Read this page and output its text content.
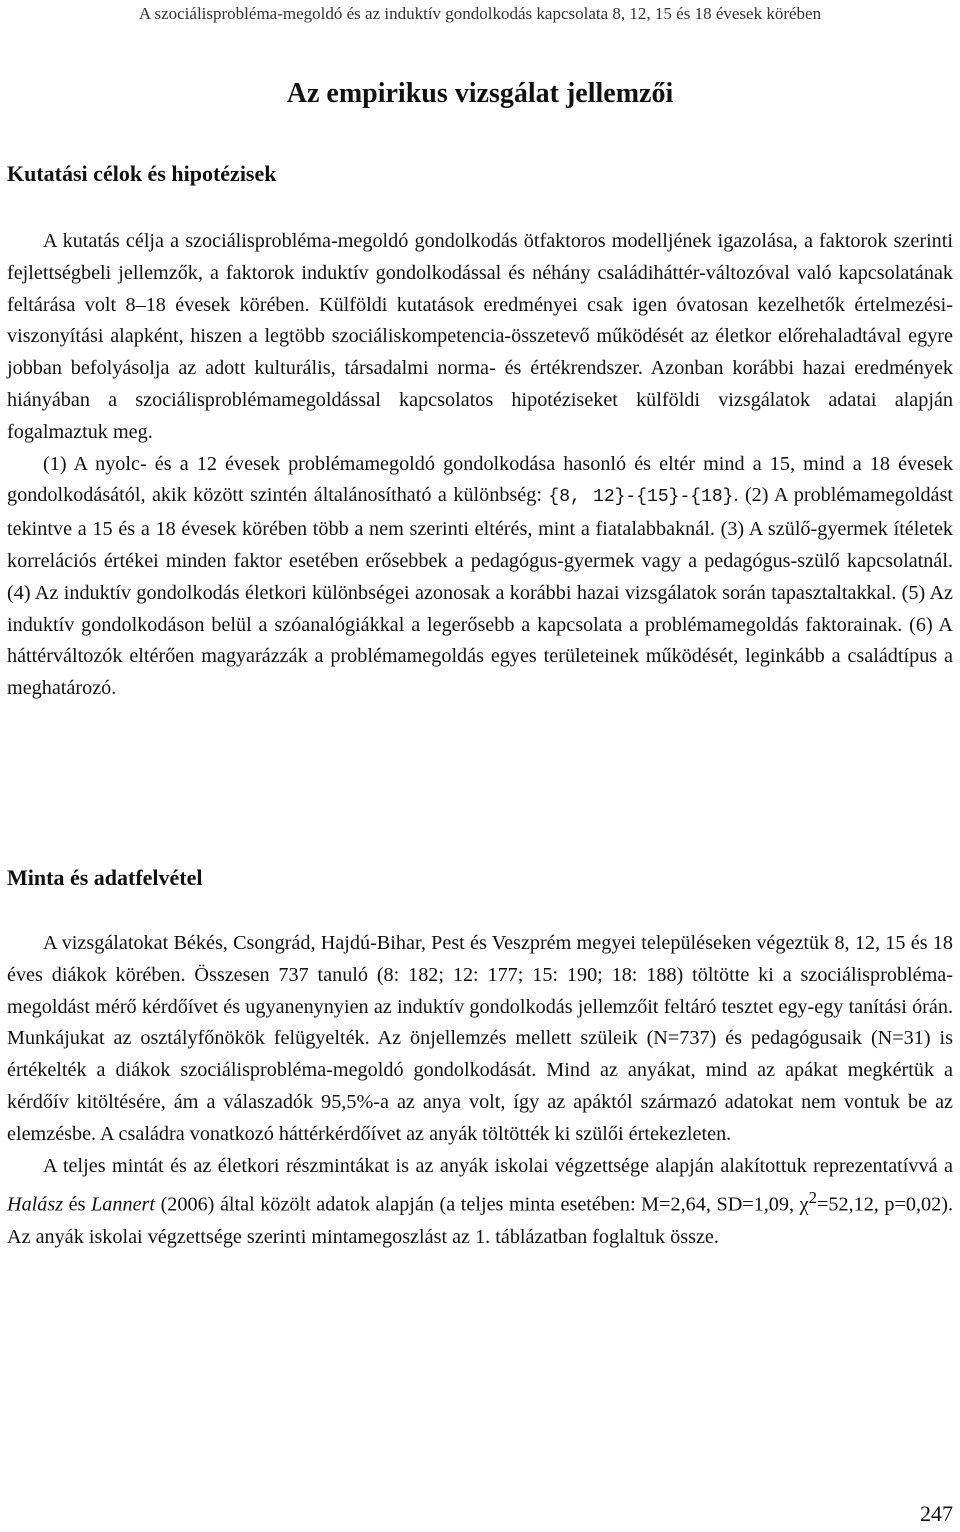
A szociálisprobléma-megoldó és az induktív gondolkodás kapcsolata 8, 12, 15 és 18 évesek körében
Az empirikus vizsgálat jellemzői
Kutatási célok és hipotézisek

A kutatás célja a szociálisprobléma-megoldó gondolkodás ötfaktoros modelljének igazolása, a faktorok szerinti fejlettségbeli jellemzők, a faktorok induktív gondolkodással és néhány családiháttér-változóval való kapcsolatának feltárása volt 8–18 évesek körében. Külföldi kutatások eredményei csak igen óvatosan kezelhetők értelmezési-viszonyítási alapként, hiszen a legtöbb szociáliskompetencia-összetevő működését az életkor előrehaladtával egyre jobban befolyásolja az adott kulturális, társadalmi norma- és értékrendszer. Azonban korábbi hazai eredmények hiányában a szociálisproblémamegoldással kapcsolatos hipotéziseket külföldi vizsgálatok adatai alapján fogalmaztuk meg.

(1) A nyolc- és a 12 évesek problémamegoldó gondolkodása hasonló és eltér mind a 15, mind a 18 évesek gondolkodásától, akik között szintén általánosítható a különbség: {8, 12}-{15}-{18}. (2) A problémamegoldást tekintve a 15 és a 18 évesek körében több a nem szerinti eltérés, mint a fiatalabbaknál. (3) A szülő-gyermek ítéletek korrelációs értékei minden faktor esetében erősebbek a pedagógus-gyermek vagy a pedagógus-szülő kapcsolatnál. (4) Az induktív gondolkodás életkori különbségei azonosak a korábbi hazai vizsgálatok során tapasztaltakkal. (5) Az induktív gondolkodáson belül a szóanalógiákkal a legerősebb a kapcsolata a problémamegoldás faktorainak. (6) A háttérváltozók eltérően magyarázzák a problémamegoldás egyes területeinek működését, leginkább a családtípus a meghatározó.

Minta és adatfelvétel

A vizsgálatokat Békés, Csongrád, Hajdú-Bihar, Pest és Veszprém megyei településeken végeztük 8, 12, 15 és 18 éves diákok körében. Összesen 737 tanuló (8: 182; 12: 177; 15: 190; 18: 188) töltötte ki a szociálisprobléma-megoldást mérő kérdőívet és ugyanenynyien az induktív gondolkodás jellemzőit feltáró tesztet egy-egy tanítási órán. Munkájukat az osztályfőnökök felügyelték. Az önjellemzés mellett szüleik (N=737) és pedagógusaik (N=31) is értékelték a diákok szociálisprobléma-megoldó gondolkodását. Mind az anyákat, mind az apákat megkértük a kérdőív kitöltésére, ám a válaszadók 95,5%-a az anya volt, így az apáktól származó adatokat nem vontuk be az elemzésbe. A családra vonatkozó háttérkérdőívet az anyák töltötték ki szülői értekezleten.

A teljes mintát és az életkori részmintákat is az anyák iskolai végzettsége alapján alakítottuk reprezentatívvá a Halász és Lannert (2006) által közölt adatok alapján (a teljes minta esetében: M=2,64, SD=1,09, $\chi^2=52,12$, p=0,02). Az anyák iskolai végzettsége szerinti mintamegoszlást az 1. táblázatban foglaltuk össze.

247
